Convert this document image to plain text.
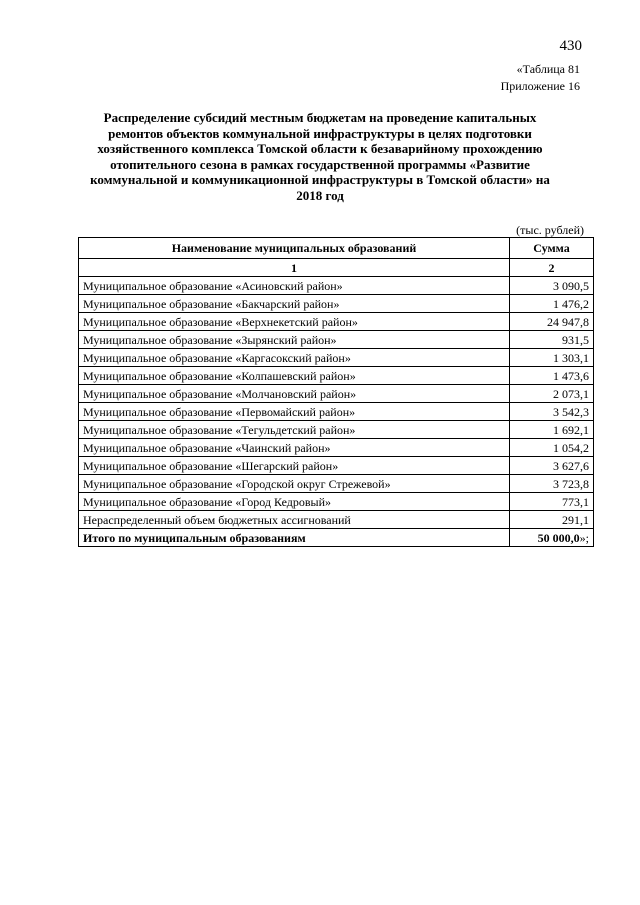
430
«Таблица 81
Приложение 16
Распределение субсидий местным бюджетам на проведение капитальных ремонтов объектов коммунальной инфраструктуры в целях подготовки хозяйственного комплекса Томской области к безаварийному прохождению отопительного сезона в рамках государственной программы «Развитие коммунальной и коммуникационной инфраструктуры в Томской области» на 2018 год
(тыс. рублей)
Наименование муниципальных образований	Сумма
1	2
Муниципальное образование «Асиновский район»	3 090,5
Муниципальное образование «Бакчарский район»	1 476,2
Муниципальное образование «Верхнекетский район»	24 947,8
Муниципальное образование «Зырянский район»	931,5
Муниципальное образование «Каргасокский район»	1 303,1
Муниципальное образование «Колпашевский район»	1 473,6
Муниципальное образование «Молчановский район»	2 073,1
Муниципальное образование «Первомайский район»	3 542,3
Муниципальное образование «Тегульдетский район»	1 692,1
Муниципальное образование «Чаинский район»	1 054,2
Муниципальное образование «Шегарский район»	3 627,6
Муниципальное образование «Городской округ Стрежевой»	3 723,8
Муниципальное образование «Город Кедровый»	773,1
Нераспределенный объем бюджетных ассигнований	291,1
Итого по муниципальным образованиям	50 000,0»;
